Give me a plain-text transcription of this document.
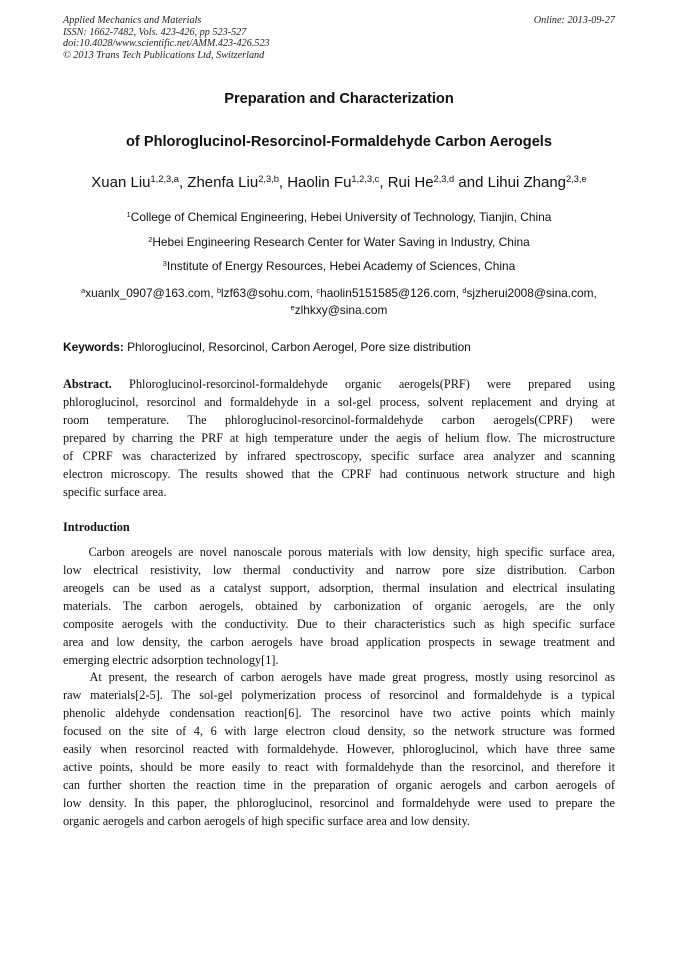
Applied Mechanics and Materials
ISSN: 1662-7482, Vols. 423-426, pp 523-527
doi:10.4028/www.scientific.net/AMM.423-426.523
© 2013 Trans Tech Publications Ltd, Switzerland
Online: 2013-09-27
Preparation and Characterization
of Phloroglucinol-Resorcinol-Formaldehyde Carbon Aerogels
Xuan Liu$^{1,2,3,a}$, Zhenfa Liu$^{2,3,b}$, Haolin Fu$^{1,2,3,c}$, Rui He$^{2,3,d}$ and Lihui Zhang$^{2,3,e}$
$^1$College of Chemical Engineering, Hebei University of Technology, Tianjin, China
$^2$Hebei Engineering Research Center for Water Saving in Industry, China
$^3$Institute of Energy Resources, Hebei Academy of Sciences, China
$^a$xuanlx_0907@163.com, $^b$lzf63@sohu.com, $^c$haolin5151585@126.com, $^d$sjzherui2008@sina.com,
$^e$zlhkxy@sina.com
Keywords: Phloroglucinol, Resorcinol, Carbon Aerogel, Pore size distribution
Abstract. Phloroglucinol-resorcinol-formaldehyde organic aerogels(PRF) were prepared using
phloroglucinol, resorcinol and formaldehyde in a sol-gel process, solvent replacement and drying at
room temperature. The phloroglucinol-resorcinol-formaldehyde carbon aerogels(CPRF) were
prepared by charring the PRF at high temperature under the aegis of helium flow. The microstructure
of CPRF was characterized by infrared spectroscopy, specific surface area analyzer and scanning
electron microscopy. The results showed that the CPRF had continuous network structure and high
specific surface area.
Introduction
Carbon areogels are novel nanoscale porous materials with low density, high specific surface area,
low electrical resistivity, low thermal conductivity and narrow pore size distribution. Carbon
areogels can be used as a catalyst support, adsorption, thermal insulation and electrical insulating
materials. The carbon aerogels, obtained by carbonization of organic aerogels, are the only
composite aerogels with the conductivity. Due to their characteristics such as high specific surface
area and low density, the carbon aerogels have broad application prospects in sewage treatment and
emerging electric adsorption technology[1].
At present, the research of carbon aerogels have made great progress, mostly using resorcinol as
raw materials[2-5]. The sol-gel polymerization process of resorcinol and formaldehyde is a typical
phenolic aldehyde condensation reaction[6]. The resorcinol have two active points which mainly
focused on the site of 4, 6 with large electron cloud density, so the network structure was formed
easily when resorcinol reacted with formaldehyde. However, phloroglucinol, which have three same
active points, should be more easily to react with formaldehyde than the resorcinol, and therefore it
can further shorten the reaction time in the preparation of organic aerogels and carbon aerogels of
low density. In this paper, the phloroglucinol, resorcinol and formaldehyde were used to prepare the
organic aerogels and carbon aerogels of high specific surface area and low density.
